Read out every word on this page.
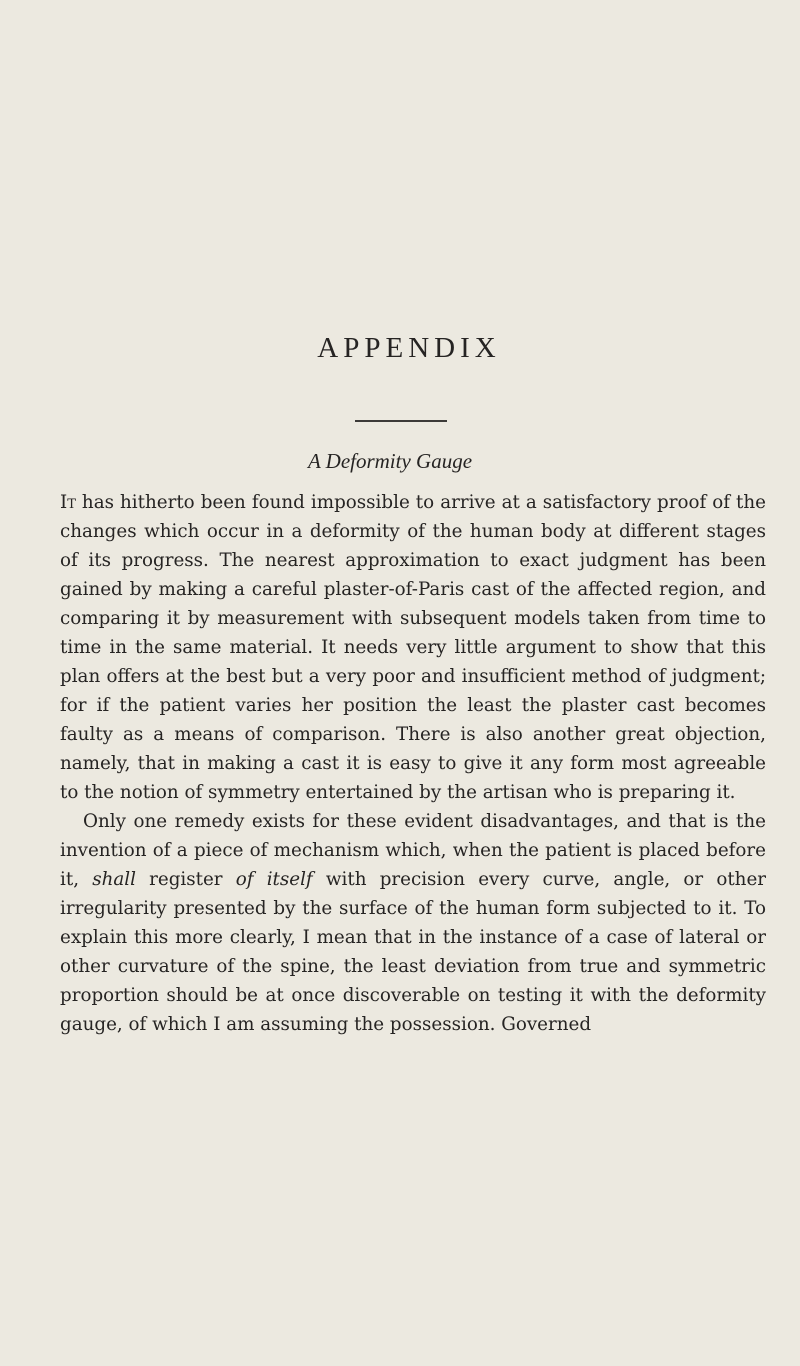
APPENDIX
A Deformity Gauge

It has hitherto been found impossible to arrive at a satisfactory proof of the changes which occur in a deformity of the human body at different stages of its progress. The nearest approximation to exact judgment has been gained by making a careful plaster-of-Paris cast of the affected region, and comparing it by measurement with subsequent models taken from time to time in the same material. It needs very little argument to show that this plan offers at the best but a very poor and insufficient method of judgment; for if the patient varies her position the least the plaster cast becomes faulty as a means of comparison. There is also another great objection, namely, that in making a cast it is easy to give it any form most agreeable to the notion of symmetry entertained by the artisan who is preparing it.

Only one remedy exists for these evident disadvantages, and that is the invention of a piece of mechanism which, when the patient is placed before it, shall register of itself with precision every curve, angle, or other irregularity presented by the surface of the human form subjected to it. To explain this more clearly, I mean that in the instance of a case of lateral or other curvature of the spine, the least deviation from true and symmetric proportion should be at once discoverable on testing it with the deformity gauge, of which I am assuming the possession. Governed
